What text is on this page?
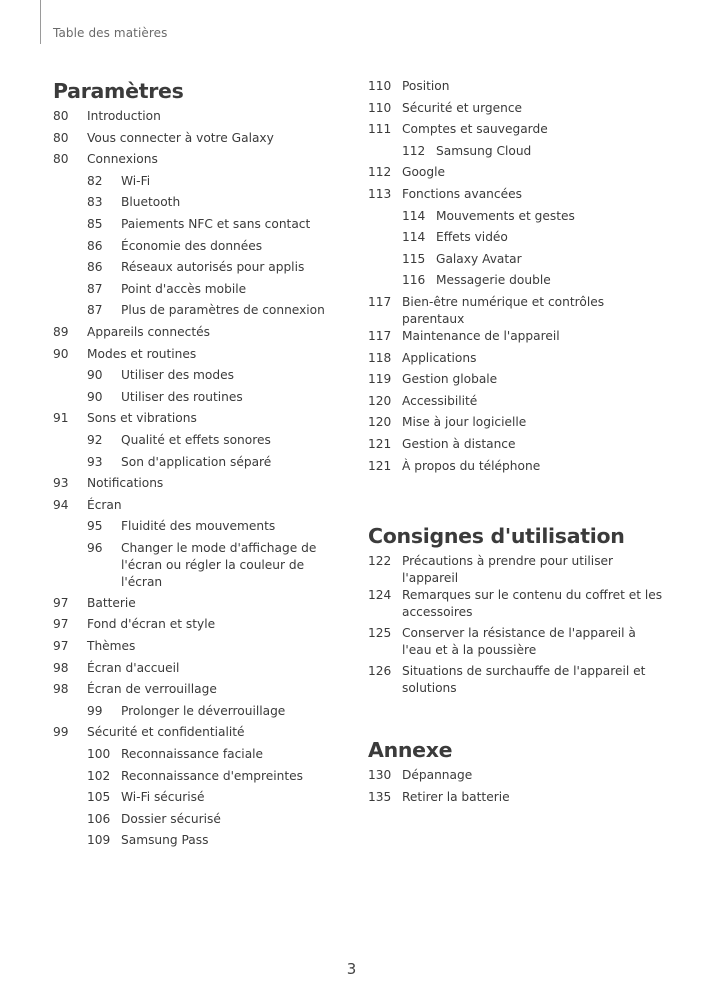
Table des matières
Paramètres
80	Introduction
80	Vous connecter à votre Galaxy
80	Connexions
82	Wi-Fi
83	Bluetooth
85	Paiements NFC et sans contact
86	Économie des données
86	Réseaux autorisés pour applis
87	Point d'accès mobile
87	Plus de paramètres de connexion
89	Appareils connectés
90	Modes et routines
90	Utiliser des modes
90	Utiliser des routines
91	Sons et vibrations
92	Qualité et effets sonores
93	Son d'application séparé
93	Notifications
94	Écran
95	Fluidité des mouvements
96	Changer le mode d'affichage de l'écran ou régler la couleur de l'écran
97	Batterie
97	Fond d'écran et style
97	Thèmes
98	Écran d'accueil
98	Écran de verrouillage
99	Prolonger le déverrouillage
99	Sécurité et confidentialité
100 Reconnaissance faciale
102 Reconnaissance d'empreintes
105 Wi-Fi sécurisé
106 Dossier sécurisé
109 Samsung Pass
110 Position
110 Sécurité et urgence
111 Comptes et sauvegarde
112 Samsung Cloud
112 Google
113 Fonctions avancées
114 Mouvements et gestes
114 Effets vidéo
115 Galaxy Avatar
116 Messagerie double
117 Bien-être numérique et contrôles parentaux
117 Maintenance de l'appareil
118 Applications
119 Gestion globale
120 Accessibilité
120 Mise à jour logicielle
121 Gestion à distance
121 À propos du téléphone
Consignes d'utilisation
122 Précautions à prendre pour utiliser l'appareil
124 Remarques sur le contenu du coffret et les accessoires
125 Conserver la résistance de l'appareil à l'eau et à la poussière
126 Situations de surchauffe de l'appareil et solutions
Annexe
130 Dépannage
135 Retirer la batterie
3
